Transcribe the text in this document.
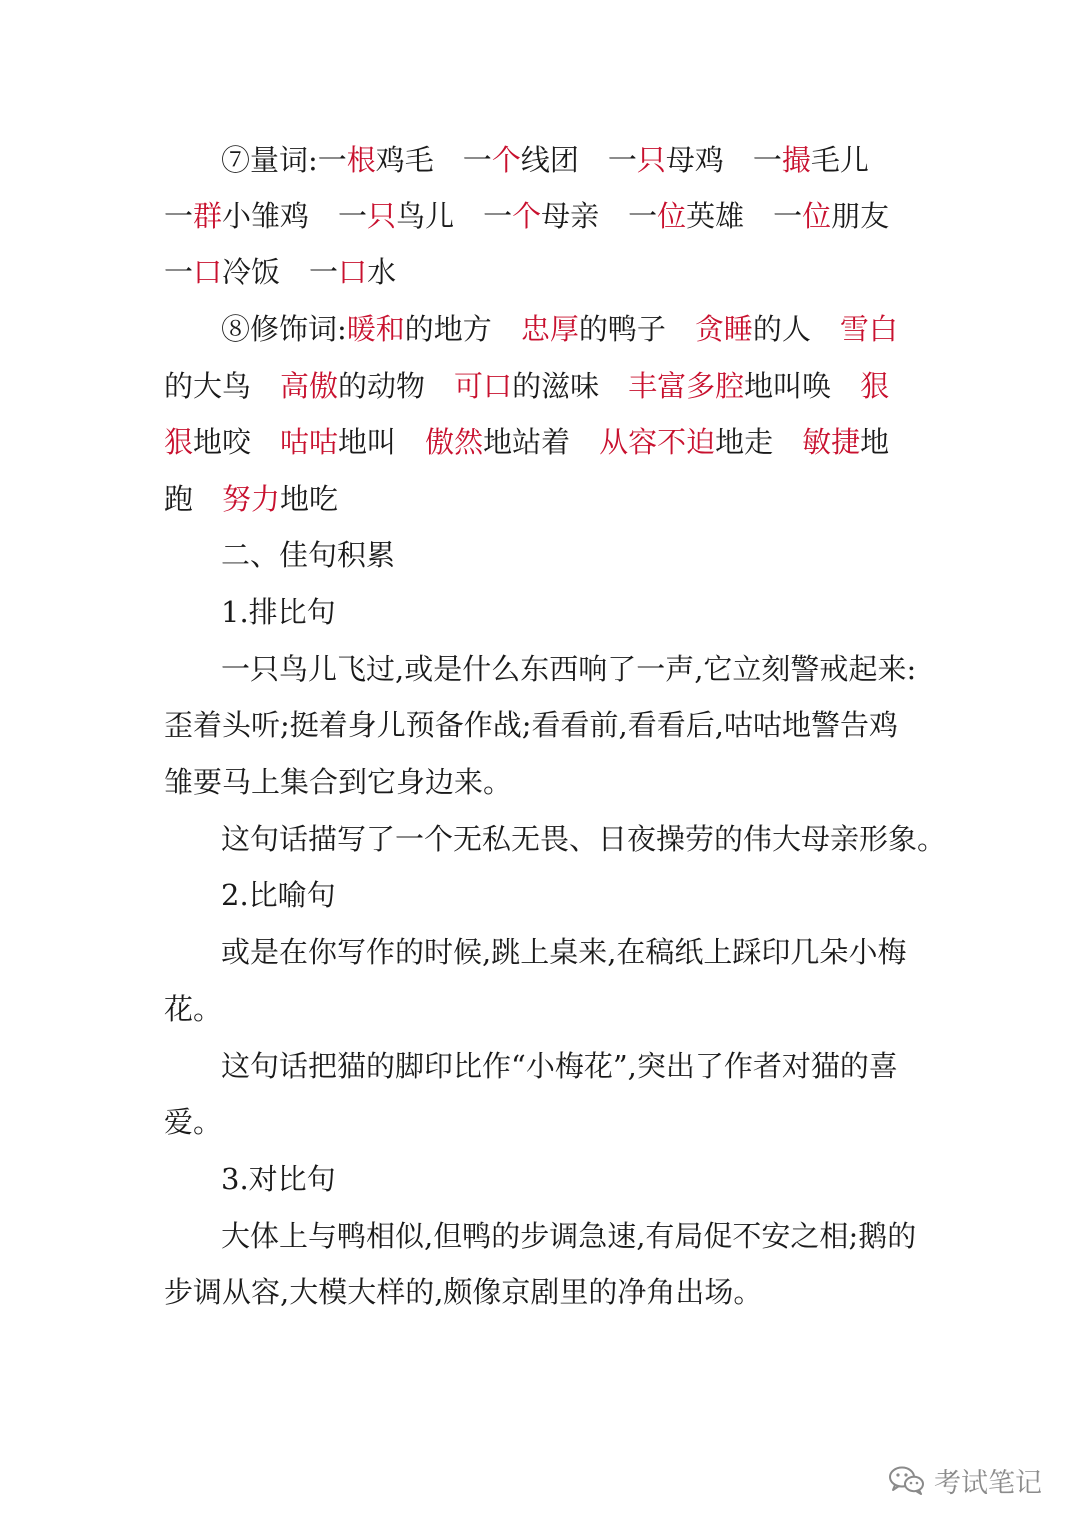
⑦量词:一根鸡毛　一个线团　一只母鸡　一撮毛儿
一群小雏鸡　一只鸟儿　一个母亲　一位英雄　一位朋友
一口冷饭　一口水
⑧修饰词:暖和的地方　忠厚的鸭子　贪睡的人　雪白
的大鸟　高傲的动物　可口的滋味　丰富多腔地叫唤　狠
狠地咬　咕咕地叫　傲然地站着　从容不迫地走　敏捷地
跑　努力地吃
二、佳句积累
1.排比句
一只鸟儿飞过,或是什么东西响了一声,它立刻警戒起来:
歪着头听;挺着身儿预备作战;看看前,看看后,咕咕地警告鸡
雏要马上集合到它身边来。
这句话描写了一个无私无畏、日夜操劳的伟大母亲形象。
2.比喻句
或是在你写作的时候,跳上桌来,在稿纸上踩印几朵小梅
花。
这句话把猫的脚印比作“小梅花”,突出了作者对猫的喜
爱。
3.对比句
大体上与鸭相似,但鸭的步调急速,有局促不安之相;鹅的
步调从容,大模大样的,颇像京剧里的净角出场。
考试笔记
